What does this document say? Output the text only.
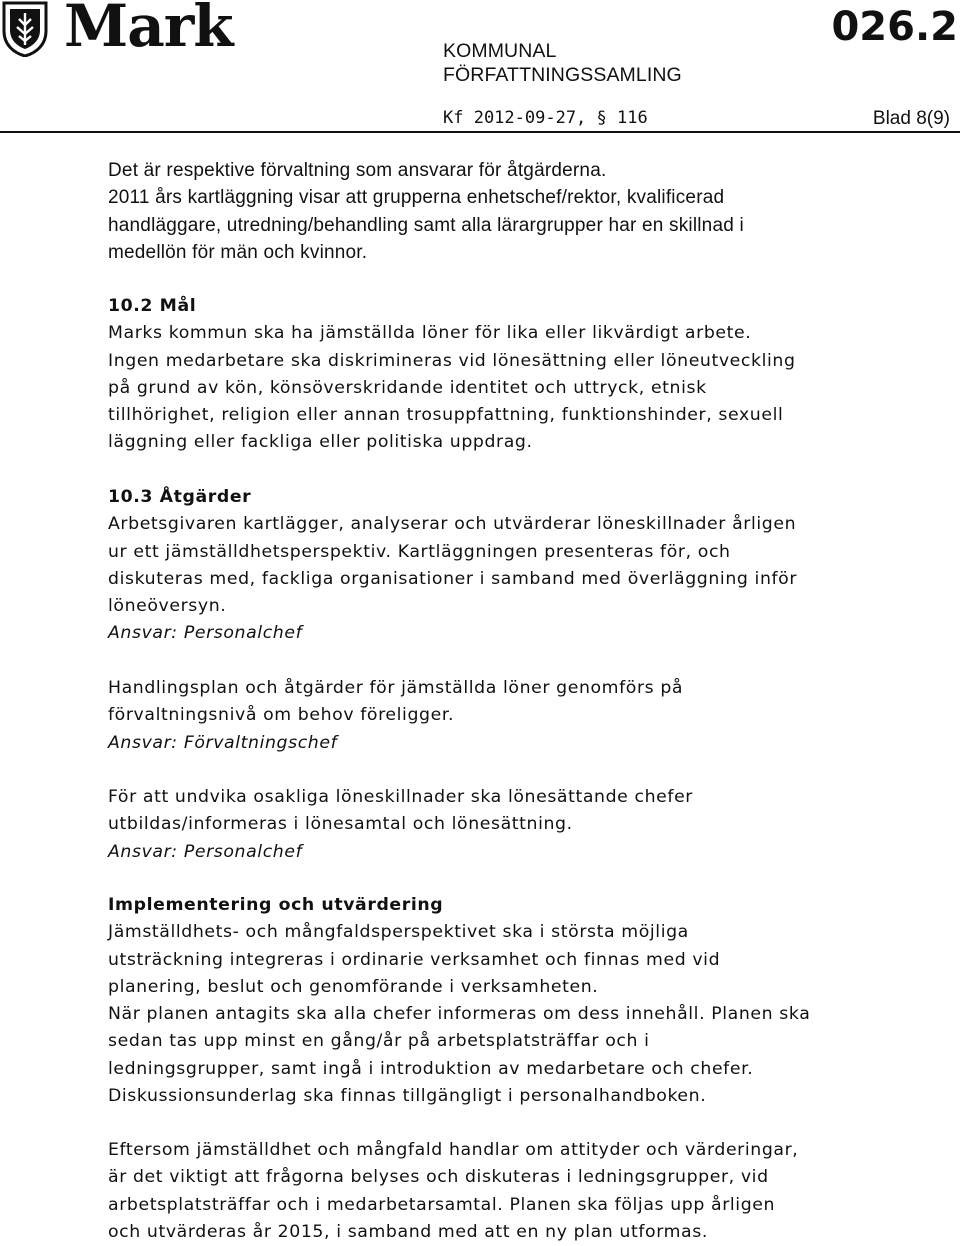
Mark	026.2
KOMMUNAL
FÖRFATTNINGSSAMLING
Kf 2012-09-27, § 116	Blad 8(9)
Det är respektive förvaltning som ansvarar för åtgärderna.
2011 års kartläggning visar att grupperna enhetschef/rektor, kvalificerad
handläggare, utredning/behandling samt alla lärargrupper har en skillnad i
medellön för män och kvinnor.
10.2 Mål
Marks kommun ska ha jämställda löner för lika eller likvärdigt arbete.
Ingen medarbetare ska diskrimineras vid lönesättning eller löneutveckling
på grund av kön, könsöverskridande identitet och uttryck, etnisk
tillhörighet, religion eller annan trosuppfattning, funktionshinder, sexuell
läggning eller fackliga eller politiska uppdrag.
10.3 Åtgärder
Arbetsgivaren kartlägger, analyserar och utvärderar löneskillnader årligen
ur ett jämställdhetsperspektiv. Kartläggningen presenteras för, och
diskuteras med, fackliga organisationer i samband med överläggning inför
löneöversyn.
Ansvar: Personalchef
Handlingsplan och åtgärder för jämställda löner genomförs på
förvaltningsnivå om behov föreligger.
Ansvar: Förvaltningschef
För att undvika osakliga löneskillnader ska lönesättande chefer
utbildas/informeras i lönesamtal och lönesättning.
Ansvar: Personalchef
Implementering och utvärdering
Jämställdhets- och mångfaldsperspektivet ska i största möjliga
utsträckning integreras i ordinarie verksamhet och finnas med vid
planering, beslut och genomförande i verksamheten.
När planen antagits ska alla chefer informeras om dess innehåll. Planen ska
sedan tas upp minst en gång/år på arbetsplatsträffar och i
ledningsgrupper, samt ingå i introduktion av medarbetare och chefer.
Diskussionsunderlag ska finnas tillgängligt i personalhandboken.
Eftersom jämställdhet och mångfald handlar om attityder och värderingar,
är det viktigt att frågorna belyses och diskuteras i ledningsgrupper, vid
arbetsplatsträffar och i medarbetarsamtal. Planen ska följas upp årligen
och utvärderas år 2015, i samband med att en ny plan utformas.
